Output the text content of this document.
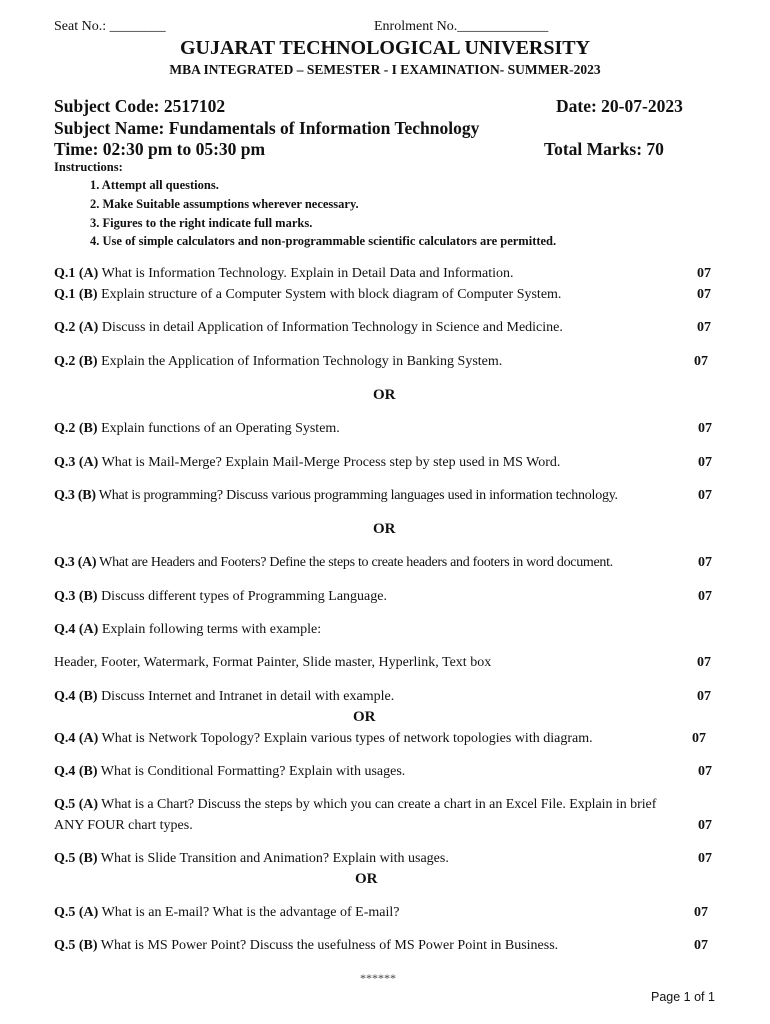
Seat No.: ________	Enrolment No._____________
GUJARAT TECHNOLOGICAL UNIVERSITY
MBA INTEGRATED – SEMESTER - I EXAMINATION- SUMMER-2023
Subject Code: 2517102	Date: 20-07-2023
Subject Name: Fundamentals of Information Technology
Time: 02:30 pm to 05:30 pm	Total Marks: 70
Instructions:
1. Attempt all questions.
2. Make Suitable assumptions wherever necessary.
3. Figures to the right indicate full marks.
4. Use of simple calculators and non-programmable scientific calculators are permitted.
Q.1 (A) What is Information Technology. Explain in Detail Data and Information.	07
Q.1 (B) Explain structure of a Computer System with block diagram of Computer System.	07
Q.2 (A) Discuss in detail Application of Information Technology in Science and Medicine.	07
Q.2 (B) Explain the Application of Information Technology in Banking System.	07
OR
Q.2 (B) Explain functions of an Operating System.	07
Q.3 (A) What is Mail-Merge? Explain Mail-Merge Process step by step used in MS Word.	07
Q.3 (B) What is programming? Discuss various programming languages used in information technology.	07
OR
Q.3 (A) What are Headers and Footers? Define the steps to create headers and footers in word document.	07
Q.3 (B) Discuss different types of Programming Language.	07
Q.4 (A) Explain following terms with example:
Header, Footer, Watermark, Format Painter, Slide master, Hyperlink, Text box	07
Q.4 (B) Discuss Internet and Intranet in detail with example.	07
OR
Q.4 (A) What is Network Topology? Explain various types of network topologies with diagram.	07
Q.4 (B) What is Conditional Formatting? Explain with usages.	07
Q.5 (A) What is a Chart? Discuss the steps by which you can create a chart in an Excel File. Explain in brief
ANY FOUR chart types.	07
Q.5 (B) What is Slide Transition and Animation? Explain with usages.	07
OR
Q.5 (A) What is an E-mail? What is the advantage of E-mail?	07
Q.5 (B) What is MS Power Point? Discuss the usefulness of MS Power Point in Business.	07
******
Page 1 of 1
